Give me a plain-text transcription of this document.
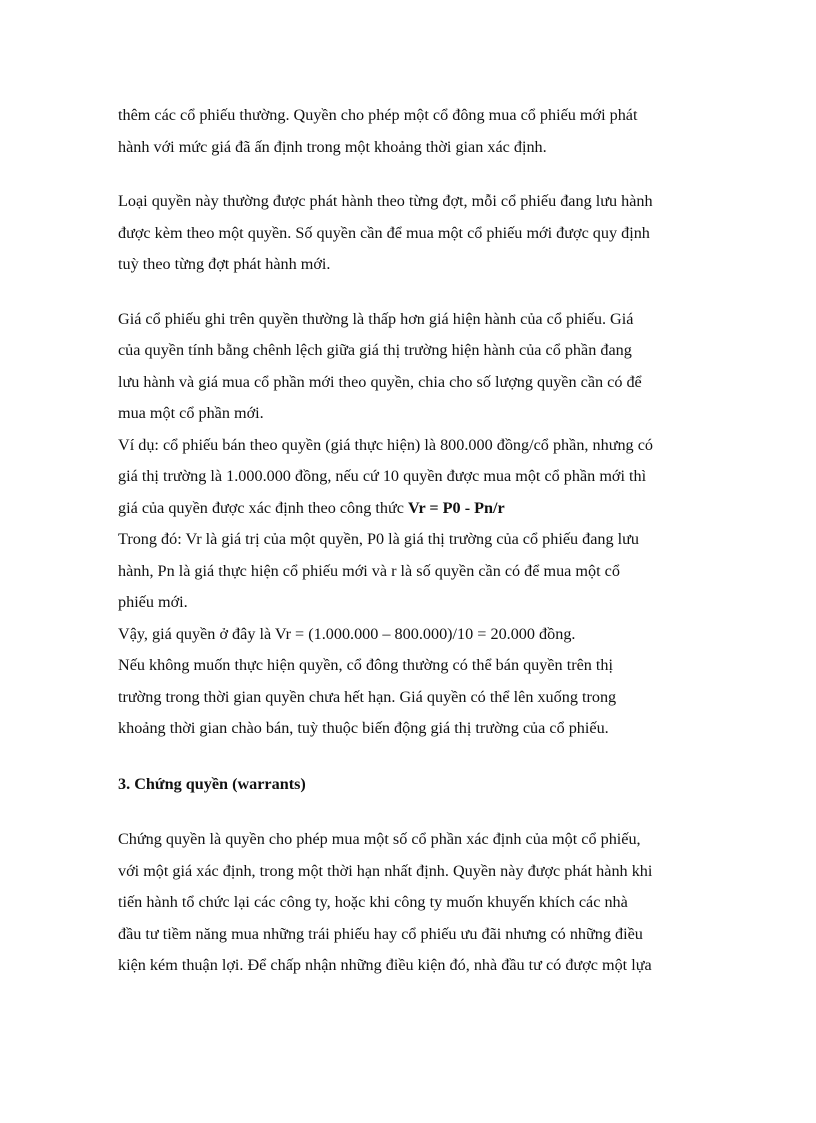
thêm các cổ phiếu thường. Quyền cho phép một cổ đông mua cổ phiếu mới phát
hành với mức giá đã ấn định trong một khoảng thời gian xác định.

Loại quyền này thường được phát hành theo từng đợt, mỗi cổ phiếu đang lưu hành
được kèm theo một quyền. Số quyền cần để mua một cổ phiếu mới được quy định
tuỳ theo từng đợt phát hành mới.

Giá cổ phiếu ghi trên quyền thường là thấp hơn giá hiện hành của cổ phiếu. Giá
của quyền tính bằng chênh lệch giữa giá thị trường hiện hành của cổ phần đang
lưu hành và giá mua cổ phần mới theo quyền, chia cho số lượng quyền cần có để
mua một cổ phần mới.
Ví dụ: cổ phiếu bán theo quyền (giá thực hiện) là 800.000 đồng/cổ phần, nhưng có
giá thị trường là 1.000.000 đồng, nếu cứ 10 quyền được mua một cổ phần mới thì
giá của quyền được xác định theo công thức Vr = P0 - Pn/r
Trong đó: Vr là giá trị của một quyền, P0 là giá thị trường của cổ phiếu đang lưu
hành, Pn là giá thực hiện cổ phiếu mới và r là số quyền cần có để mua một cổ
phiếu mới.
Vậy, giá quyền ở đây là Vr = (1.000.000 – 800.000)/10 = 20.000 đồng.
Nếu không muốn thực hiện quyền, cổ đông thường có thể bán quyền trên thị
trường trong thời gian quyền chưa hết hạn. Giá quyền có thể lên xuống trong
khoảng thời gian chào bán, tuỳ thuộc biến động giá thị trường của cổ phiếu.

3. Chứng quyền (warrants)

Chứng quyền là quyền cho phép mua một số cổ phần xác định của một cổ phiếu,
với một giá xác định, trong một thời hạn nhất định. Quyền này được phát hành khi
tiến hành tổ chức lại các công ty, hoặc khi công ty muốn khuyến khích các nhà
đầu tư tiềm năng mua những trái phiếu hay cổ phiếu ưu đãi nhưng có những điều
kiện kém thuận lợi. Để chấp nhận những điều kiện đó, nhà đầu tư có được một lựa
